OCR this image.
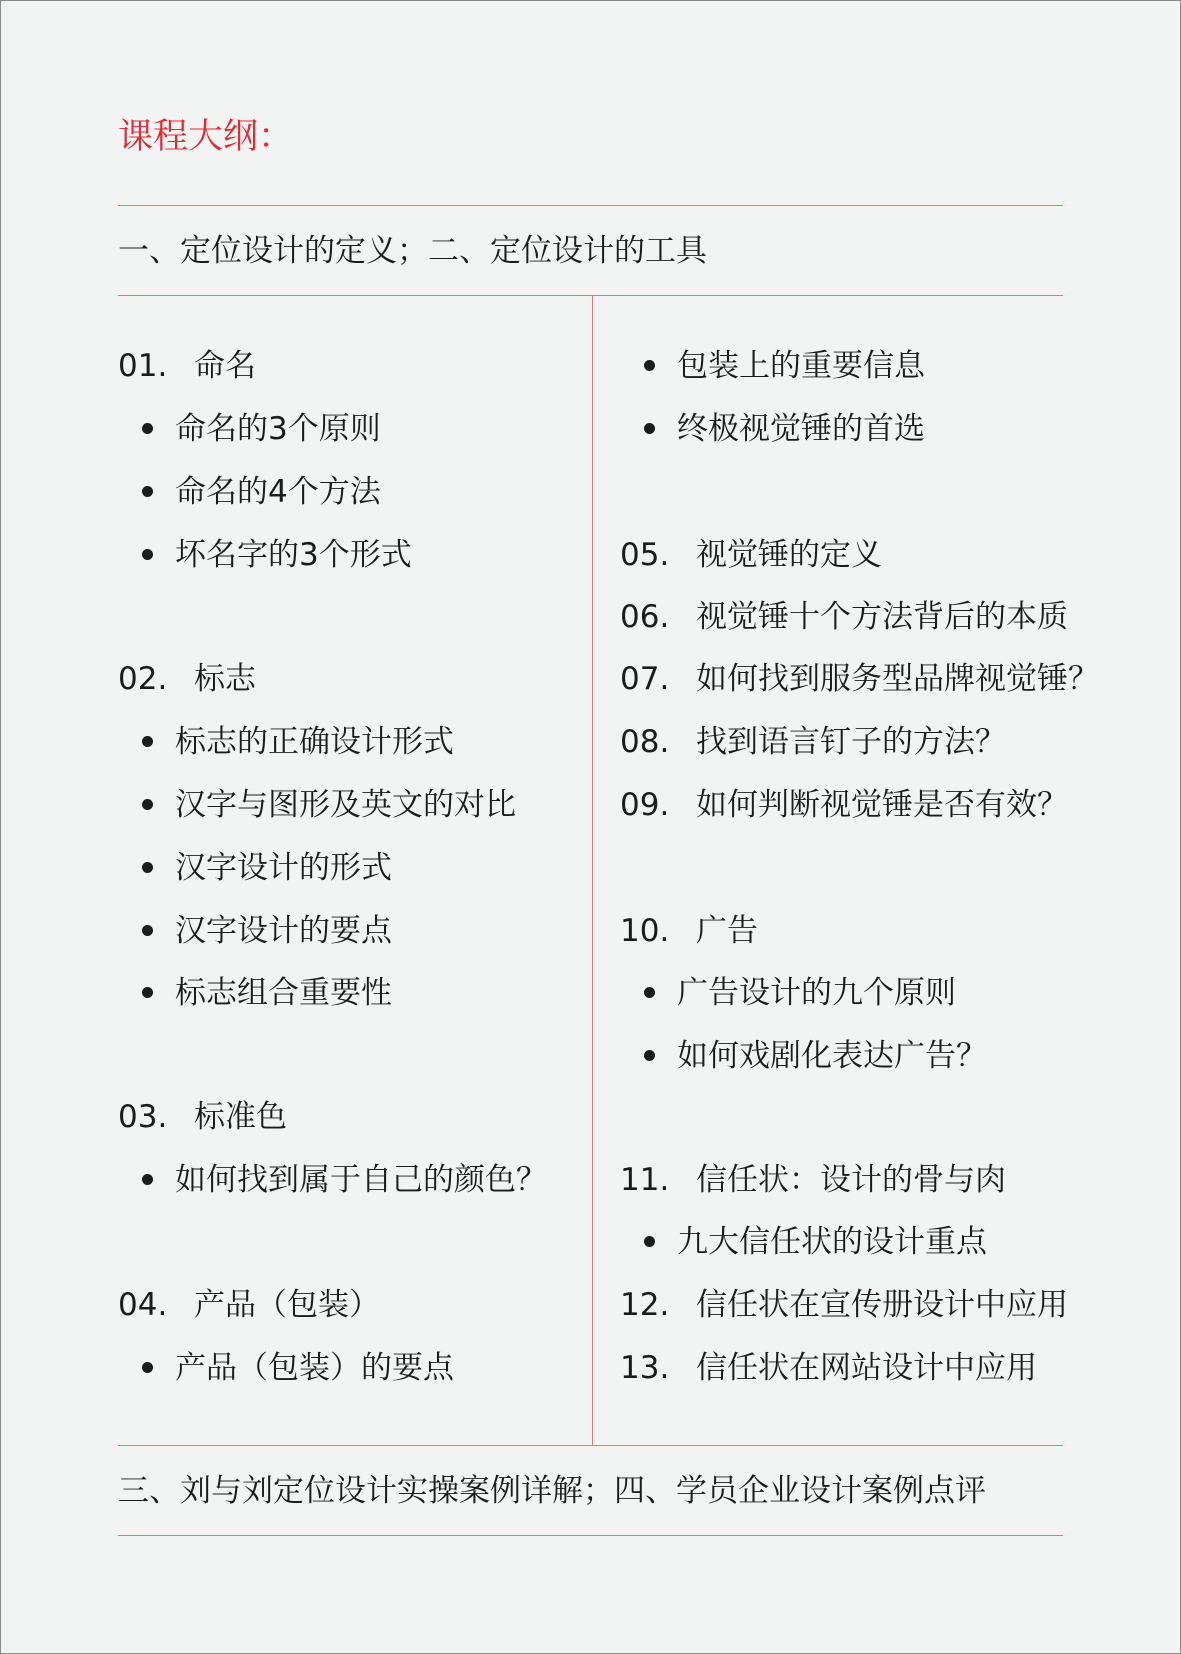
课程大纲：
一、定位设计的定义；二、定位设计的工具
01. 命名
命名的3个原则
命名的4个方法
坏名字的3个形式
02. 标志
标志的正确设计形式
汉字与图形及英文的对比
汉字设计的形式
汉字设计的要点
标志组合重要性
03. 标准色
如何找到属于自己的颜色？
04. 产品（包装）
产品（包装）的要点
包装上的重要信息
终极视觉锤的首选
05. 视觉锤的定义
06. 视觉锤十个方法背后的本质
07. 如何找到服务型品牌视觉锤？
08. 找到语言钉子的方法？
09. 如何判断视觉锤是否有效？
10. 广告
广告设计的九个原则
如何戏剧化表达广告？
11. 信任状：设计的骨与肉
九大信任状的设计重点
12. 信任状在宣传册设计中应用
13. 信任状在网站设计中应用
三、刘与刘定位设计实操案例详解；四、学员企业设计案例点评
